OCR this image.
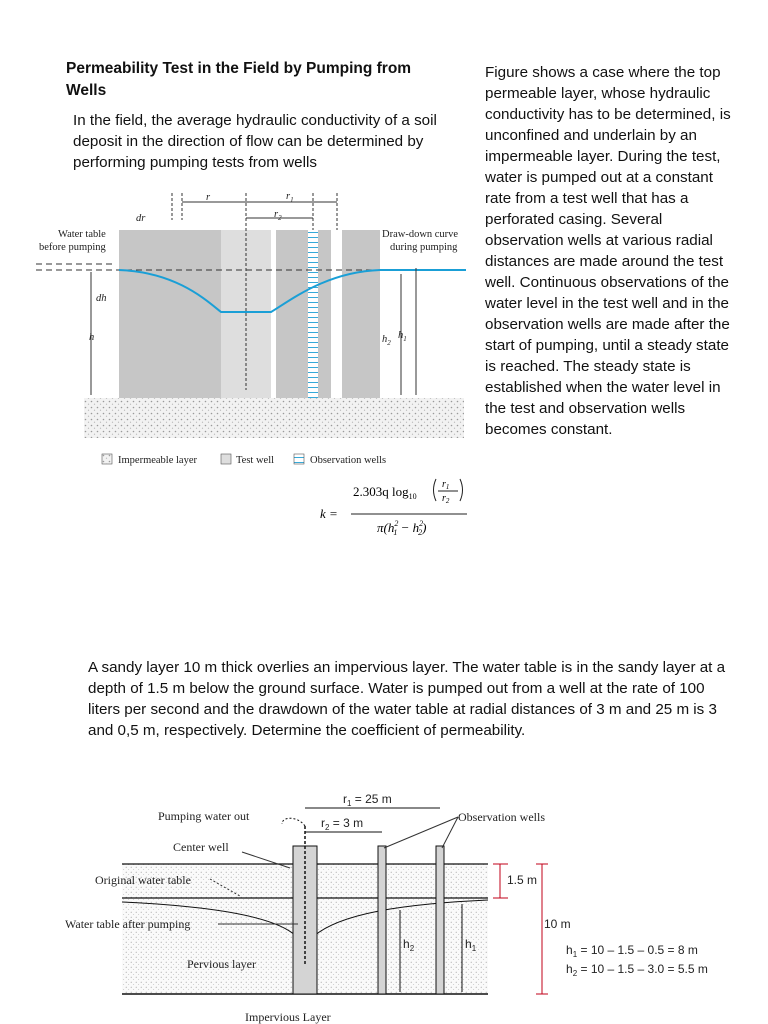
Permeability Test in the Field by Pumping from Wells
In the field, the average hydraulic conductivity of a soil deposit in the direction of flow can be determined by performing pumping tests from wells
Figure shows a case where the top permeable layer, whose hydraulic conductivity has to be determined, is unconfined and underlain by an impermeable layer. During the test, water is pumped out at a constant rate from a test well that has a perforated casing. Several observation wells at various radial distances are made around the test well. Continuous observations of the water level in the test well and in the observation wells are made after the start of pumping, until a steady state is reached. The steady state is established when the water level in the test and observation wells becomes constant.
dr
r	$r_1$
$r_2$
Water table before pumping
Draw-down curve during pumping
dh
h	$h_2$
$h_1$
Impermeable layer	Test well	Observation wells
k =
2.303q $\log_{10}$
$r_1$
$r_2$
$\pi(h^2$ $1 - h^2$ 2)
A sandy layer 10 m thick overlies an impervious layer. The water table is in the sandy layer at a depth of 1.5 m below the ground surface. Water is pumped out from a well at the rate of 100 liters per second and the drawdown of the water table at radial distances of 3 m and 25 m is 3 and 0,5 m, respectively. Determine the coefficient of permeability.
$r_1 = 25$ m
$r_2 = 3$ m
$h_2$	$h_1$
1.5 m
10 m
Pumping water out
Center well
Original water table
Water table after pumping
Pervious layer
Impervious Layer
Observation wells
$h_1 = 10 - 1.5 - 0.5 = 8$ m
$h_2 = 10 - 1.5 - 3.0 = 5.5$ m
